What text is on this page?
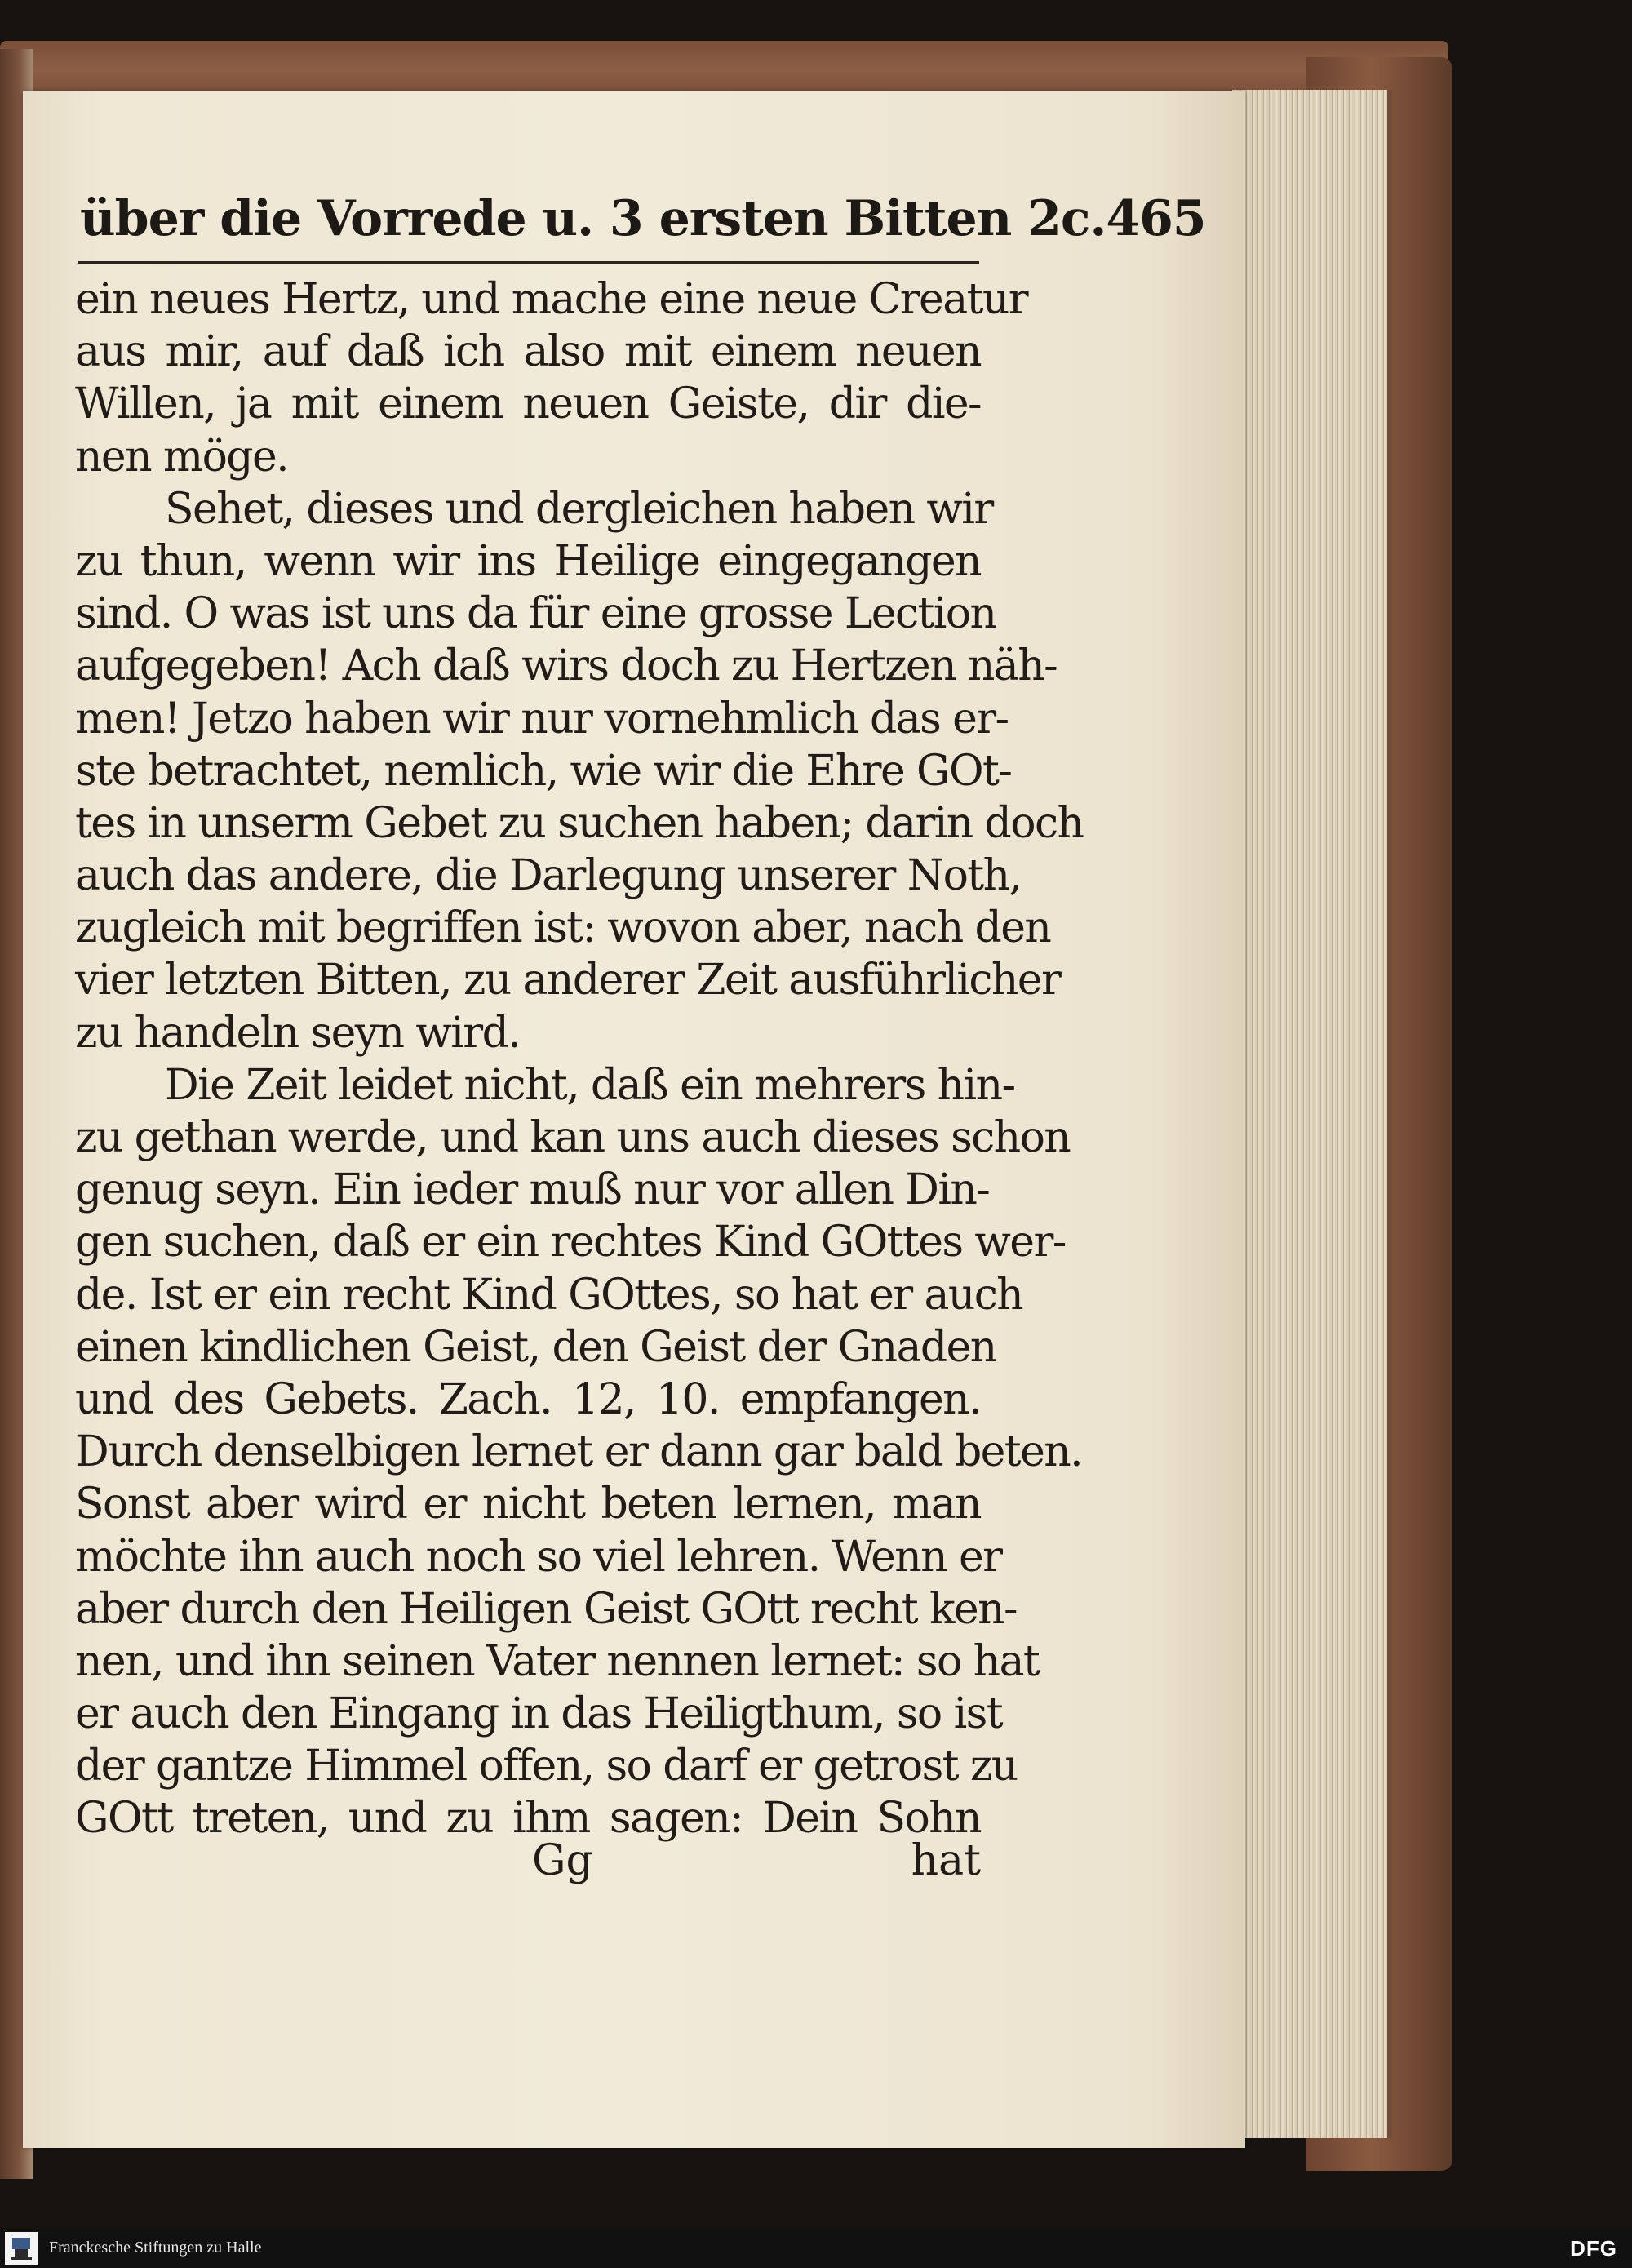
über die Vorrede u. 3 ersten Bitten 2c. 465
ein neues Hertz, und mache eine neue Creatur
aus mir, auf daß ich also mit einem neuen
Willen, ja mit einem neuen Geiste, dir die-
nen möge.
Sehet, dieses und dergleichen haben wir
zu thun, wenn wir ins Heilige eingegangen
sind. O was ist uns da für eine grosse Lection
aufgegeben! Ach daß wirs doch zu Hertzen näh-
men! Jetzo haben wir nur vornehmlich das er-
ste betrachtet, nemlich, wie wir die Ehre GOt-
tes in unserm Gebet zu suchen haben; darin doch
auch das andere, die Darlegung unserer Noth,
zugleich mit begriffen ist: wovon aber, nach den
vier letzten Bitten, zu anderer Zeit ausführlicher
zu handeln seyn wird.
Die Zeit leidet nicht, daß ein mehrers hin-
zu gethan werde, und kan uns auch dieses schon
genug seyn. Ein ieder muß nur vor allen Din-
gen suchen, daß er ein rechtes Kind GOttes wer-
de. Ist er ein recht Kind GOttes, so hat er auch
einen kindlichen Geist, den Geist der Gnaden
und des Gebets. Zach. 12, 10. empfangen.
Durch denselbigen lernet er dann gar bald beten.
Sonst aber wird er nicht beten lernen, man
möchte ihn auch noch so viel lehren. Wenn er
aber durch den Heiligen Geist GOtt recht ken-
nen, und ihn seinen Vater nennen lernet: so hat
er auch den Eingang in das Heiligthum, so ist
der gantze Himmel offen, so darf er getrost zu
GOtt treten, und zu ihm sagen: Dein Sohn
Gg	hat
Franckesche Stiftungen zu Halle	DFG
